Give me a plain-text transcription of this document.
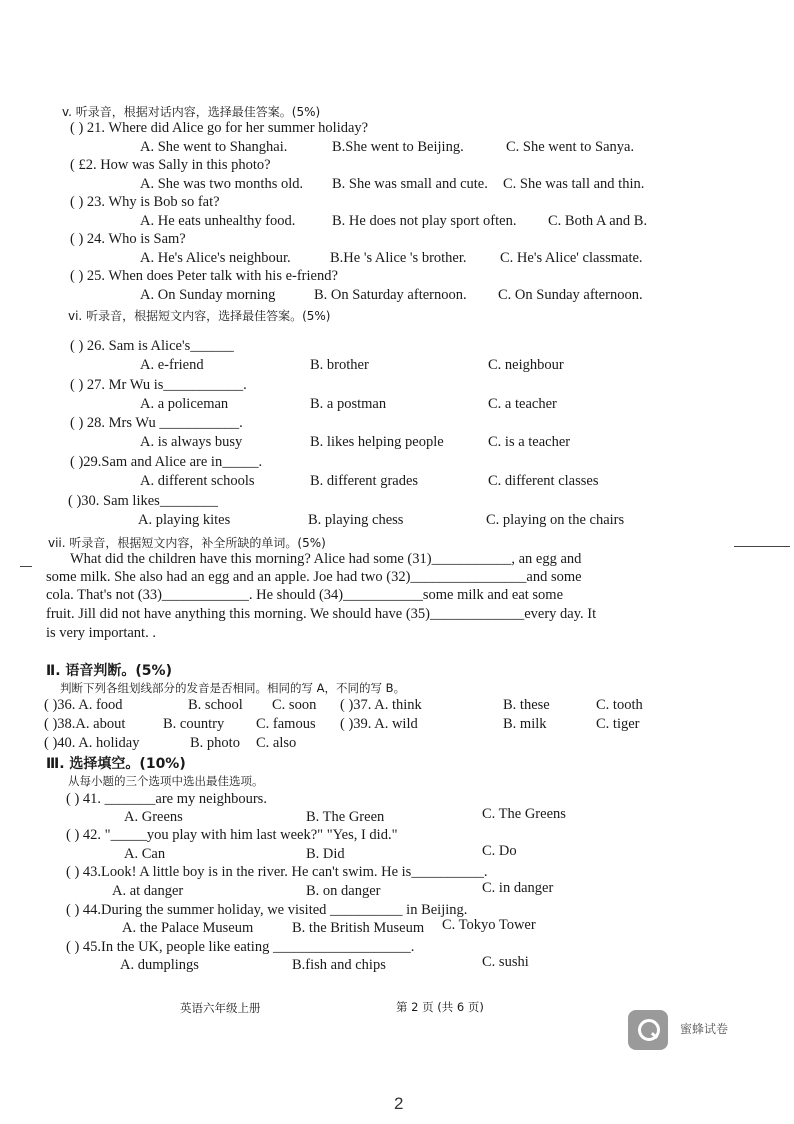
v. 听录音，根据对话内容，选择最佳答案。(5%)
( ) 21. Where did Alice go for her summer holiday?
A. She went to Shanghai.	B.She went to Beijing.	C. She went to Sanya.
( £2. How was Sally in this photo?
A. She was two months old. B. She was small and cute. C. She was tall and thin.
( ) 23. Why is Bob so fat?
A. He eats unhealthy food.	B. He does not play sport often. C. Both A and B.
( ) 24. Who is Sam?
A. He's Alice's neighbour.	B.He 's Alice 's brother. C. He's Alice' classmate.
( ) 25. When does Peter talk with his e-friend?
A. On Sunday morning	B. On Saturday afternoon. C. On Sunday afternoon.
vi. 听录音，根据短文内容，选择最佳答案。(5%)
( ) 26. Sam is Alice's______
A. e-friend	B. brother	C. neighbour
( ) 27. Mr Wu is___________.
A. a policeman	B. a postman	C. a teacher
( ) 28. Mrs Wu ___________.
A. is always busy	B. likes helping people	C. is a teacher
( )29.Sam and Alice are in_____.
A. different schools	B. different grades	C. different classes
( )30. Sam likes________
A. playing kites	B. playing chess	C. playing on the chairs
vii. 听录音，根据短文内容，补全所缺的单词。(5%)
What did the children have this morning? Alice had some (31)___________, an egg and
some milk. She also had an egg and an apple. Joe had two (32)________________and some
cola. That's not (33)____________. He should (34)___________some milk and eat some
fruit. Jill did not have anything this morning. We should have (35)_____________every day. It
is very important. .
Ⅱ. 语音判断。(5%)
判断下列各组划线部分的发音是否相同。相同的写 A，不同的写 B。
( )36. A. food	B. school C. soon ( )37. A. think	B. these	C. tooth
( )38.A. about	B. country C. famous ( )39. A. wild	B. milk	C. tiger
( )40. A. holiday	B. photo C. also
Ⅲ. 选择填空。(10%)
从每小题的三个选项中选出最佳选项。
( ) 41. _______are my neighbours.
A. Greens	B. The Green	C. The Greens
( ) 42. "_____you play with him last week?" "Yes, I did."
A. Can	B. Did	C. Do
( ) 43.Look! A little boy is in the river. He can't swim. He is__________.
A. at danger	B. on danger	C. in danger
( ) 44.During the summer holiday, we visited __________ in Beijing.
A. the Palace Museum	B. the British Museum C. Tokyo Tower
( ) 45.In the UK, people like eating ___________________.
A. dumplings	B.fish and chips	C. sushi
英语六年级上册	第 2 页 (共 6 页)
蜜蜂试卷
2
